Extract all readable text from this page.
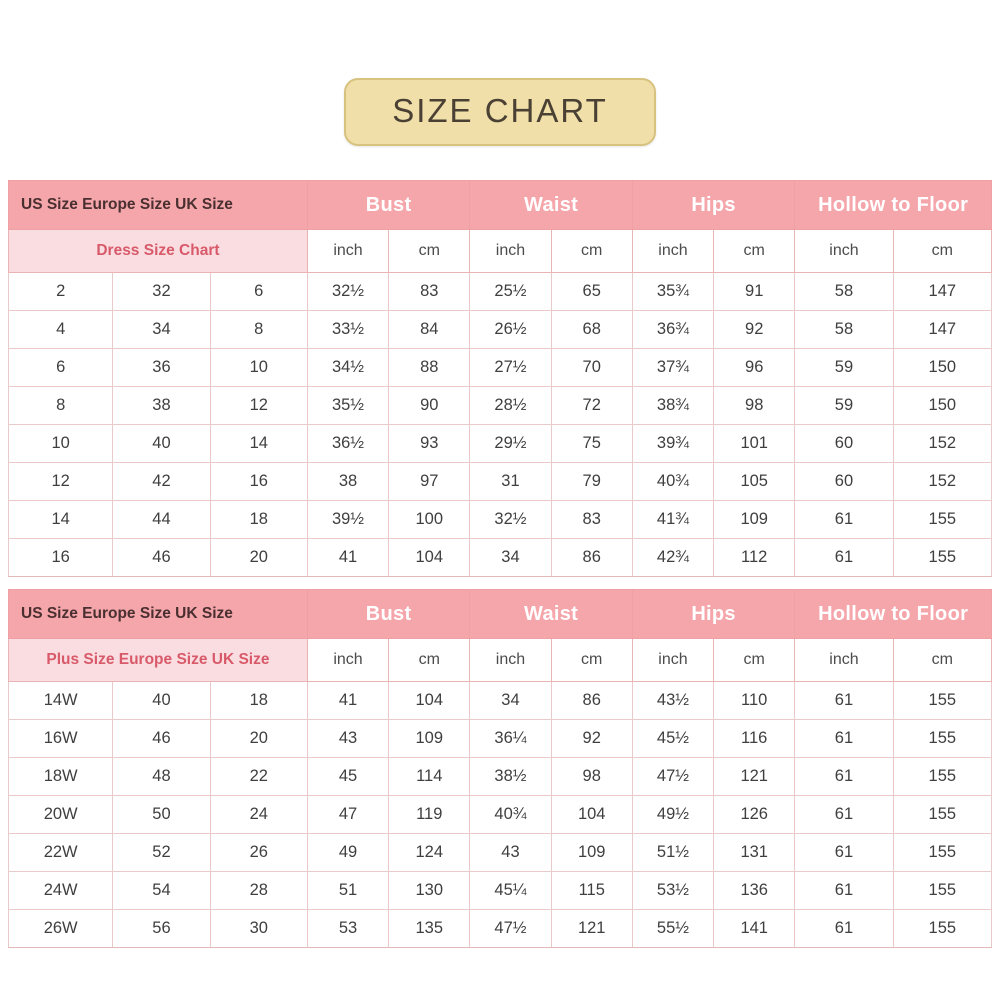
SIZE CHART
US Size Europe Size UK Size			Bust		Waist		Hips		Hollow to Floor	
Dress Size Chart			inch	cm	inch	cm	inch	cm	inch	cm
2	32	6	32½	83	25½	65	35¾	91	58	147
4	34	8	33½	84	26½	68	36¾	92	58	147
6	36	10	34½	88	27½	70	37¾	96	59	150
8	38	12	35½	90	28½	72	38¾	98	59	150
10	40	14	36½	93	29½	75	39¾	101	60	152
12	42	16	38	97	31	79	40¾	105	60	152
14	44	18	39½	100	32½	83	41¾	109	61	155
16	46	20	41	104	34	86	42¾	112	61	155
US Size Europe Size UK Size			Bust		Waist		Hips		Hollow to Floor	
Plus Size Europe Size UK Size			inch	cm	inch	cm	inch	cm	inch	cm
14W	40	18	41	104	34	86	43½	110	61	155
16W	46	20	43	109	36¼	92	45½	116	61	155
18W	48	22	45	114	38½	98	47½	121	61	155
20W	50	24	47	119	40¾	104	49½	126	61	155
22W	52	26	49	124	43	109	51½	131	61	155
24W	54	28	51	130	45¼	115	53½	136	61	155
26W	56	30	53	135	47½	121	55½	141	61	155
